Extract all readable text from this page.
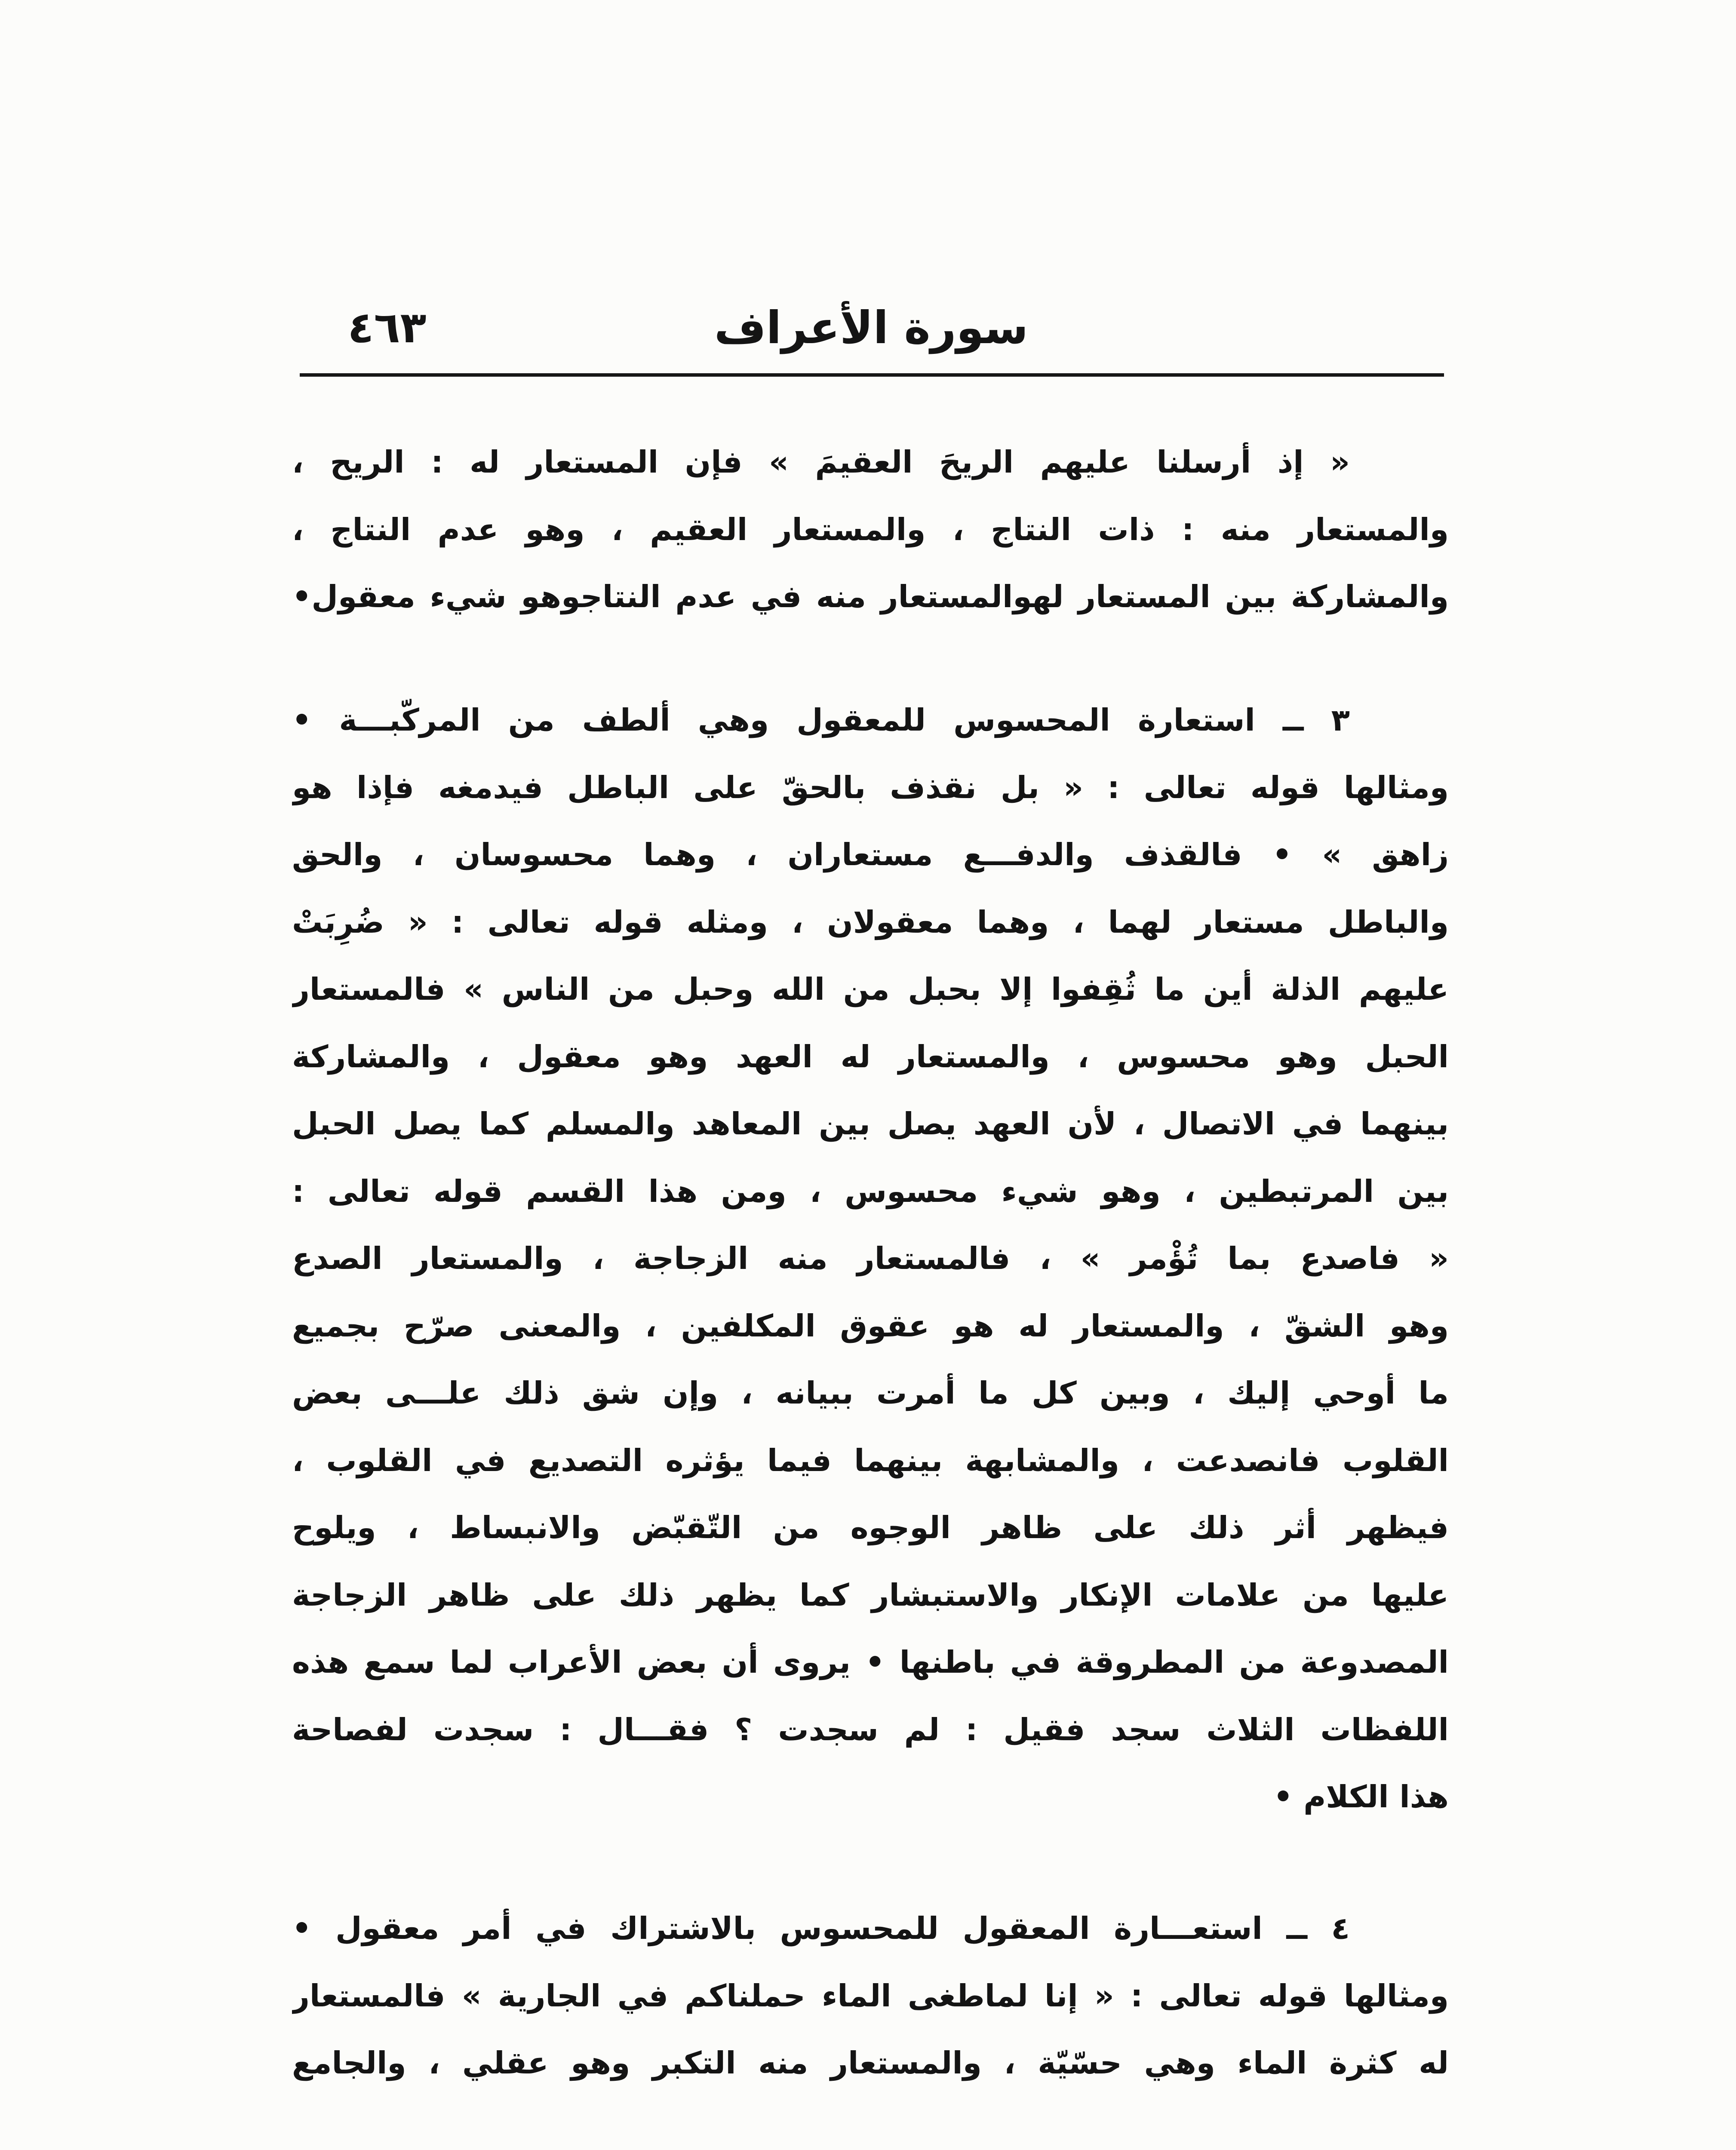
سورة الأعراف
٤٦٣
« إذ أرسلنا عليهم الريحَ العقيمَ » فإن المستعار له : الريح ،
والمستعار منه : ذات النتاج ، والمستعار العقيم ، وهو عدم النتاج ،
والمشاركة بين المستعار لهوالمستعار منه في عدم النتاجوهو شيء معقول•
٣ ــ استعارة المحسوس للمعقول وهي ألطف من المركّبـــة •
ومثالها قوله تعالى : « بل نقذف بالحقّ على الباطل فيدمغه فإذا هو
زاهق » • فالقذف والدفـــع مستعاران ، وهما محسوسان ، والحق
والباطل مستعار لهما ، وهما معقولان ، ومثله قوله تعالى : « ضُرِبَتْ
عليهم الذلة أين ما ثُقِفوا إلا بحبل من الله وحبل من الناس » فالمستعار
الحبل وهو محسوس ، والمستعار له العهد وهو معقول ، والمشاركة
بينهما في الاتصال ، لأن العهد يصل بين المعاهد والمسلم كما يصل الحبل
بين المرتبطين ، وهو شيء محسوس ، ومن هذا القسم قوله تعالى :
« فاصدع بما تُؤْمر » ، فالمستعار منه الزجاجة ، والمستعار الصدع
وهو الشقّ ، والمستعار له هو عقوق المكلفين ، والمعنى صرّح بجميع
ما أوحي إليك ، وبين كل ما أمرت ببيانه ، وإن شق ذلك علـــى بعض
القلوب فانصدعت ، والمشابهة بينهما فيما يؤثره التصديع في القلوب ،
فيظهر أثر ذلك على ظاهر الوجوه من التّقبّض والانبساط ، ويلوح
عليها من علامات الإنكار والاستبشار كما يظهر ذلك على ظاهر الزجاجة
المصدوعة من المطروقة في باطنها • يروى أن بعض الأعراب لما سمع هذه
اللفظات الثلاث سجد فقيل : لم سجدت ؟ فقـــال : سجدت لفصاحة
هذا الكلام •
٤ ــ استعـــارة المعقول للمحسوس بالاشتراك في أمر معقول •
ومثالها قوله تعالى : « إنا لماطغى الماء حملناكم في الجارية » فالمستعار
له كثرة الماء وهي حسّيّة ، والمستعار منه التكبر وهو عقلي ، والجامع
